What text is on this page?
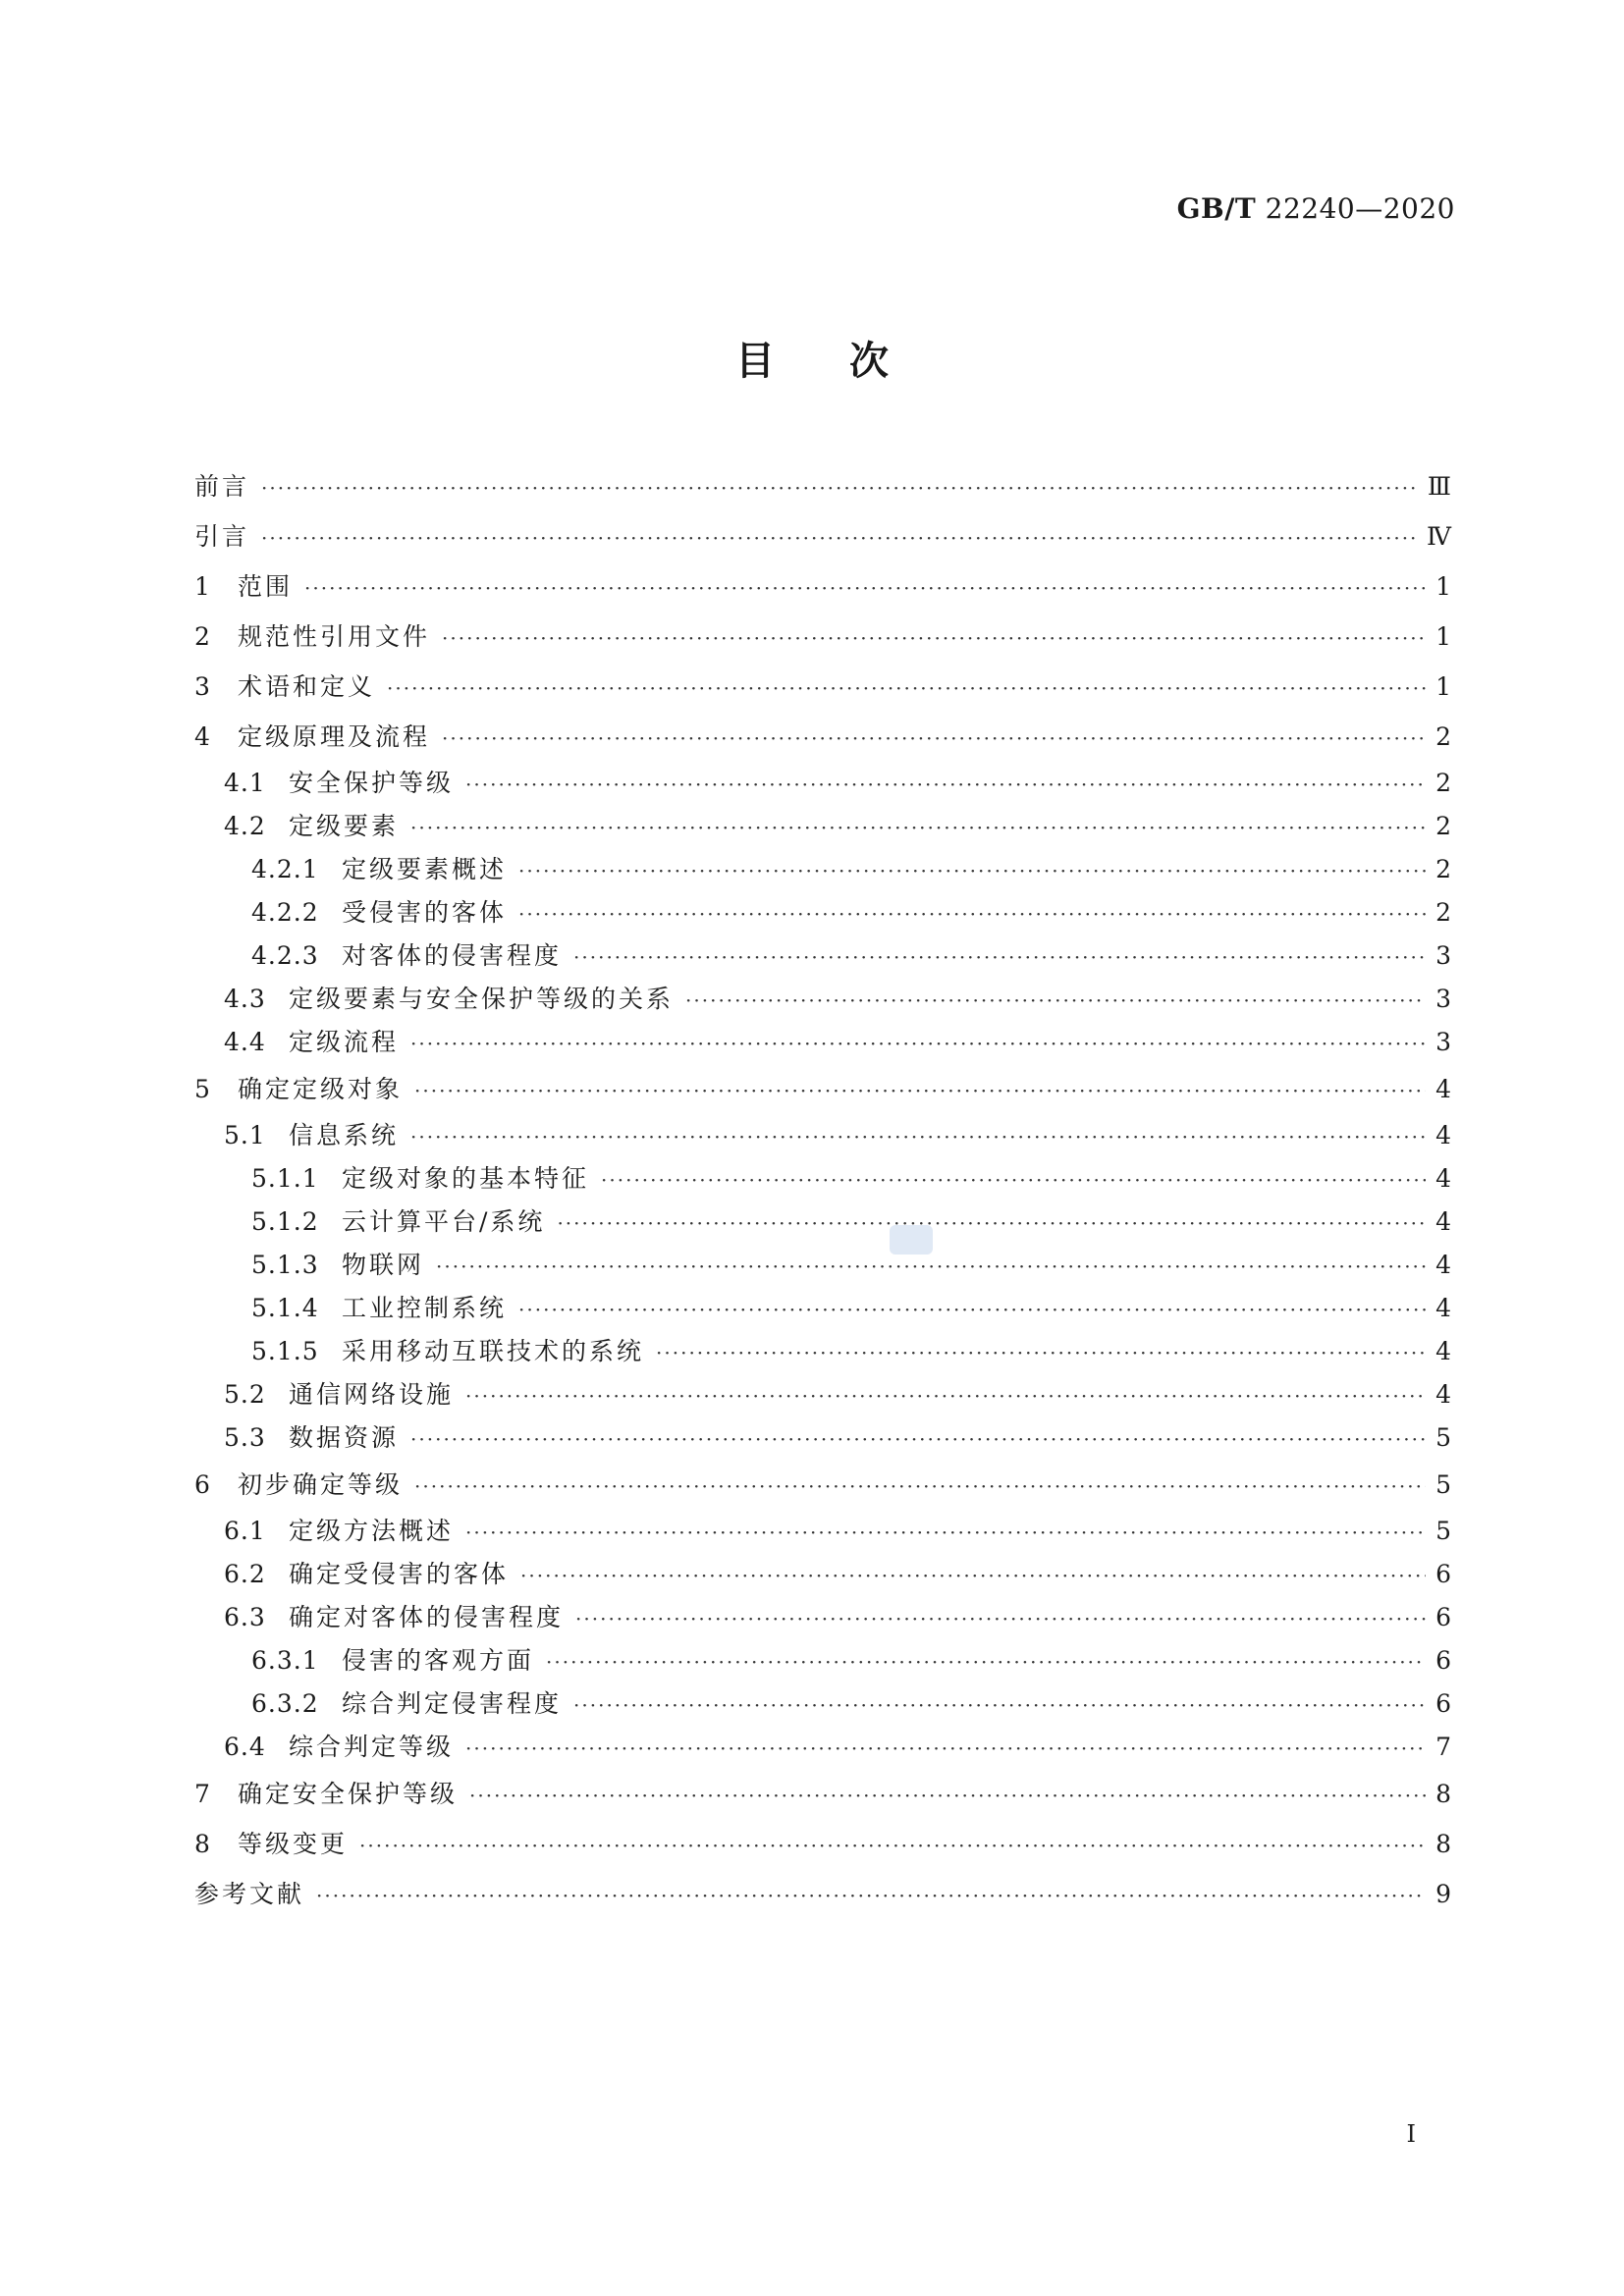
GB/T 22240—2020
目次
前言 ·····	Ⅲ
引言 ·····	Ⅳ
1	范围 ·····	1
2	规范性引用文件 ·····	1
3	术语和定义 ·····	1
4	定级原理及流程 ·····	2
4.1 安全保护等级 ·····	2
4.2 定级要素 ·····	2
4.2.1 定级要素概述 ·····	2
4.2.2 受侵害的客体 ·····	2
4.2.3 对客体的侵害程度 ·····	3
4.3 定级要素与安全保护等级的关系 ·····	3
4.4 定级流程 ·····	3
5	确定定级对象 ·····	4
5.1 信息系统 ·····	4
5.1.1 定级对象的基本特征 ·····	4
5.1.2 云计算平台/系统 ·····	4
5.1.3 物联网 ·····	4
5.1.4 工业控制系统 ·····	4
5.1.5 采用移动互联技术的系统 ·····	4
5.2 通信网络设施 ·····	4
5.3 数据资源 ·····	5
6	初步确定等级 ·····	5
6.1 定级方法概述 ·····	5
6.2 确定受侵害的客体 ·····	6
6.3 确定对客体的侵害程度 ·····	6
6.3.1 侵害的客观方面 ·····	6
6.3.2 综合判定侵害程度 ·····	6
6.4 综合判定等级 ·····	7
7	确定安全保护等级 ·····	8
8	等级变更 ·····	8
参考文献 ·····	9
Ⅰ
